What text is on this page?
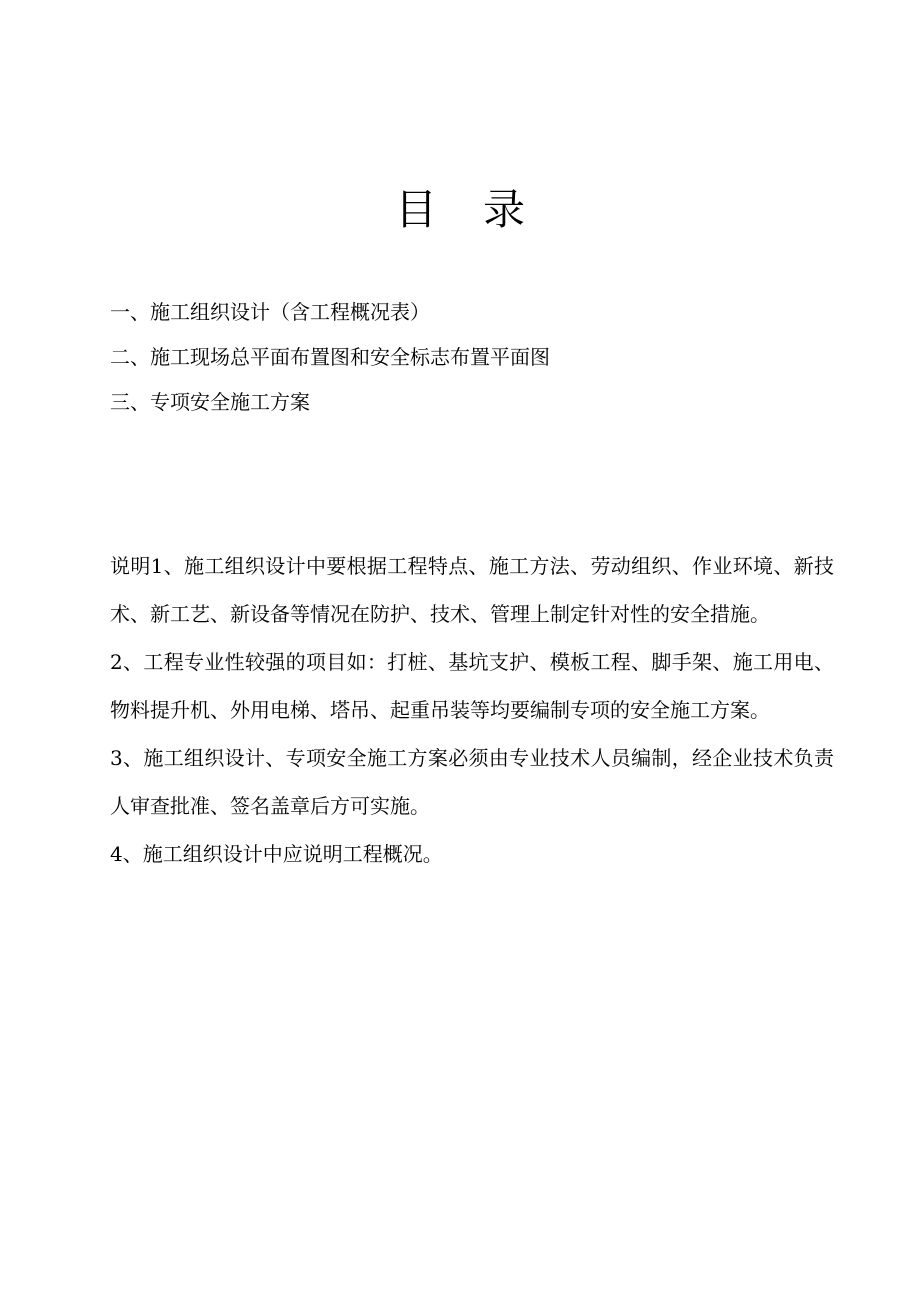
目 录
一、施工组织设计（含工程概况表）
二、施工现场总平面布置图和安全标志布置平面图
三、专项安全施工方案

说明1、施工组织设计中要根据工程特点、施工方法、劳动组织、作业环境、新技术、新工艺、新设备等情况在防护、技术、管理上制定针对性的安全措施。

2、工程专业性较强的项目如：打桩、基坑支护、模板工程、脚手架、施工用电、物料提升机、外用电梯、塔吊、起重吊装等均要编制专项的安全施工方案。

3、施工组织设计、专项安全施工方案必须由专业技术人员编制，经企业技术负责人审查批准、签名盖章后方可实施。

4、施工组织设计中应说明工程概况。
